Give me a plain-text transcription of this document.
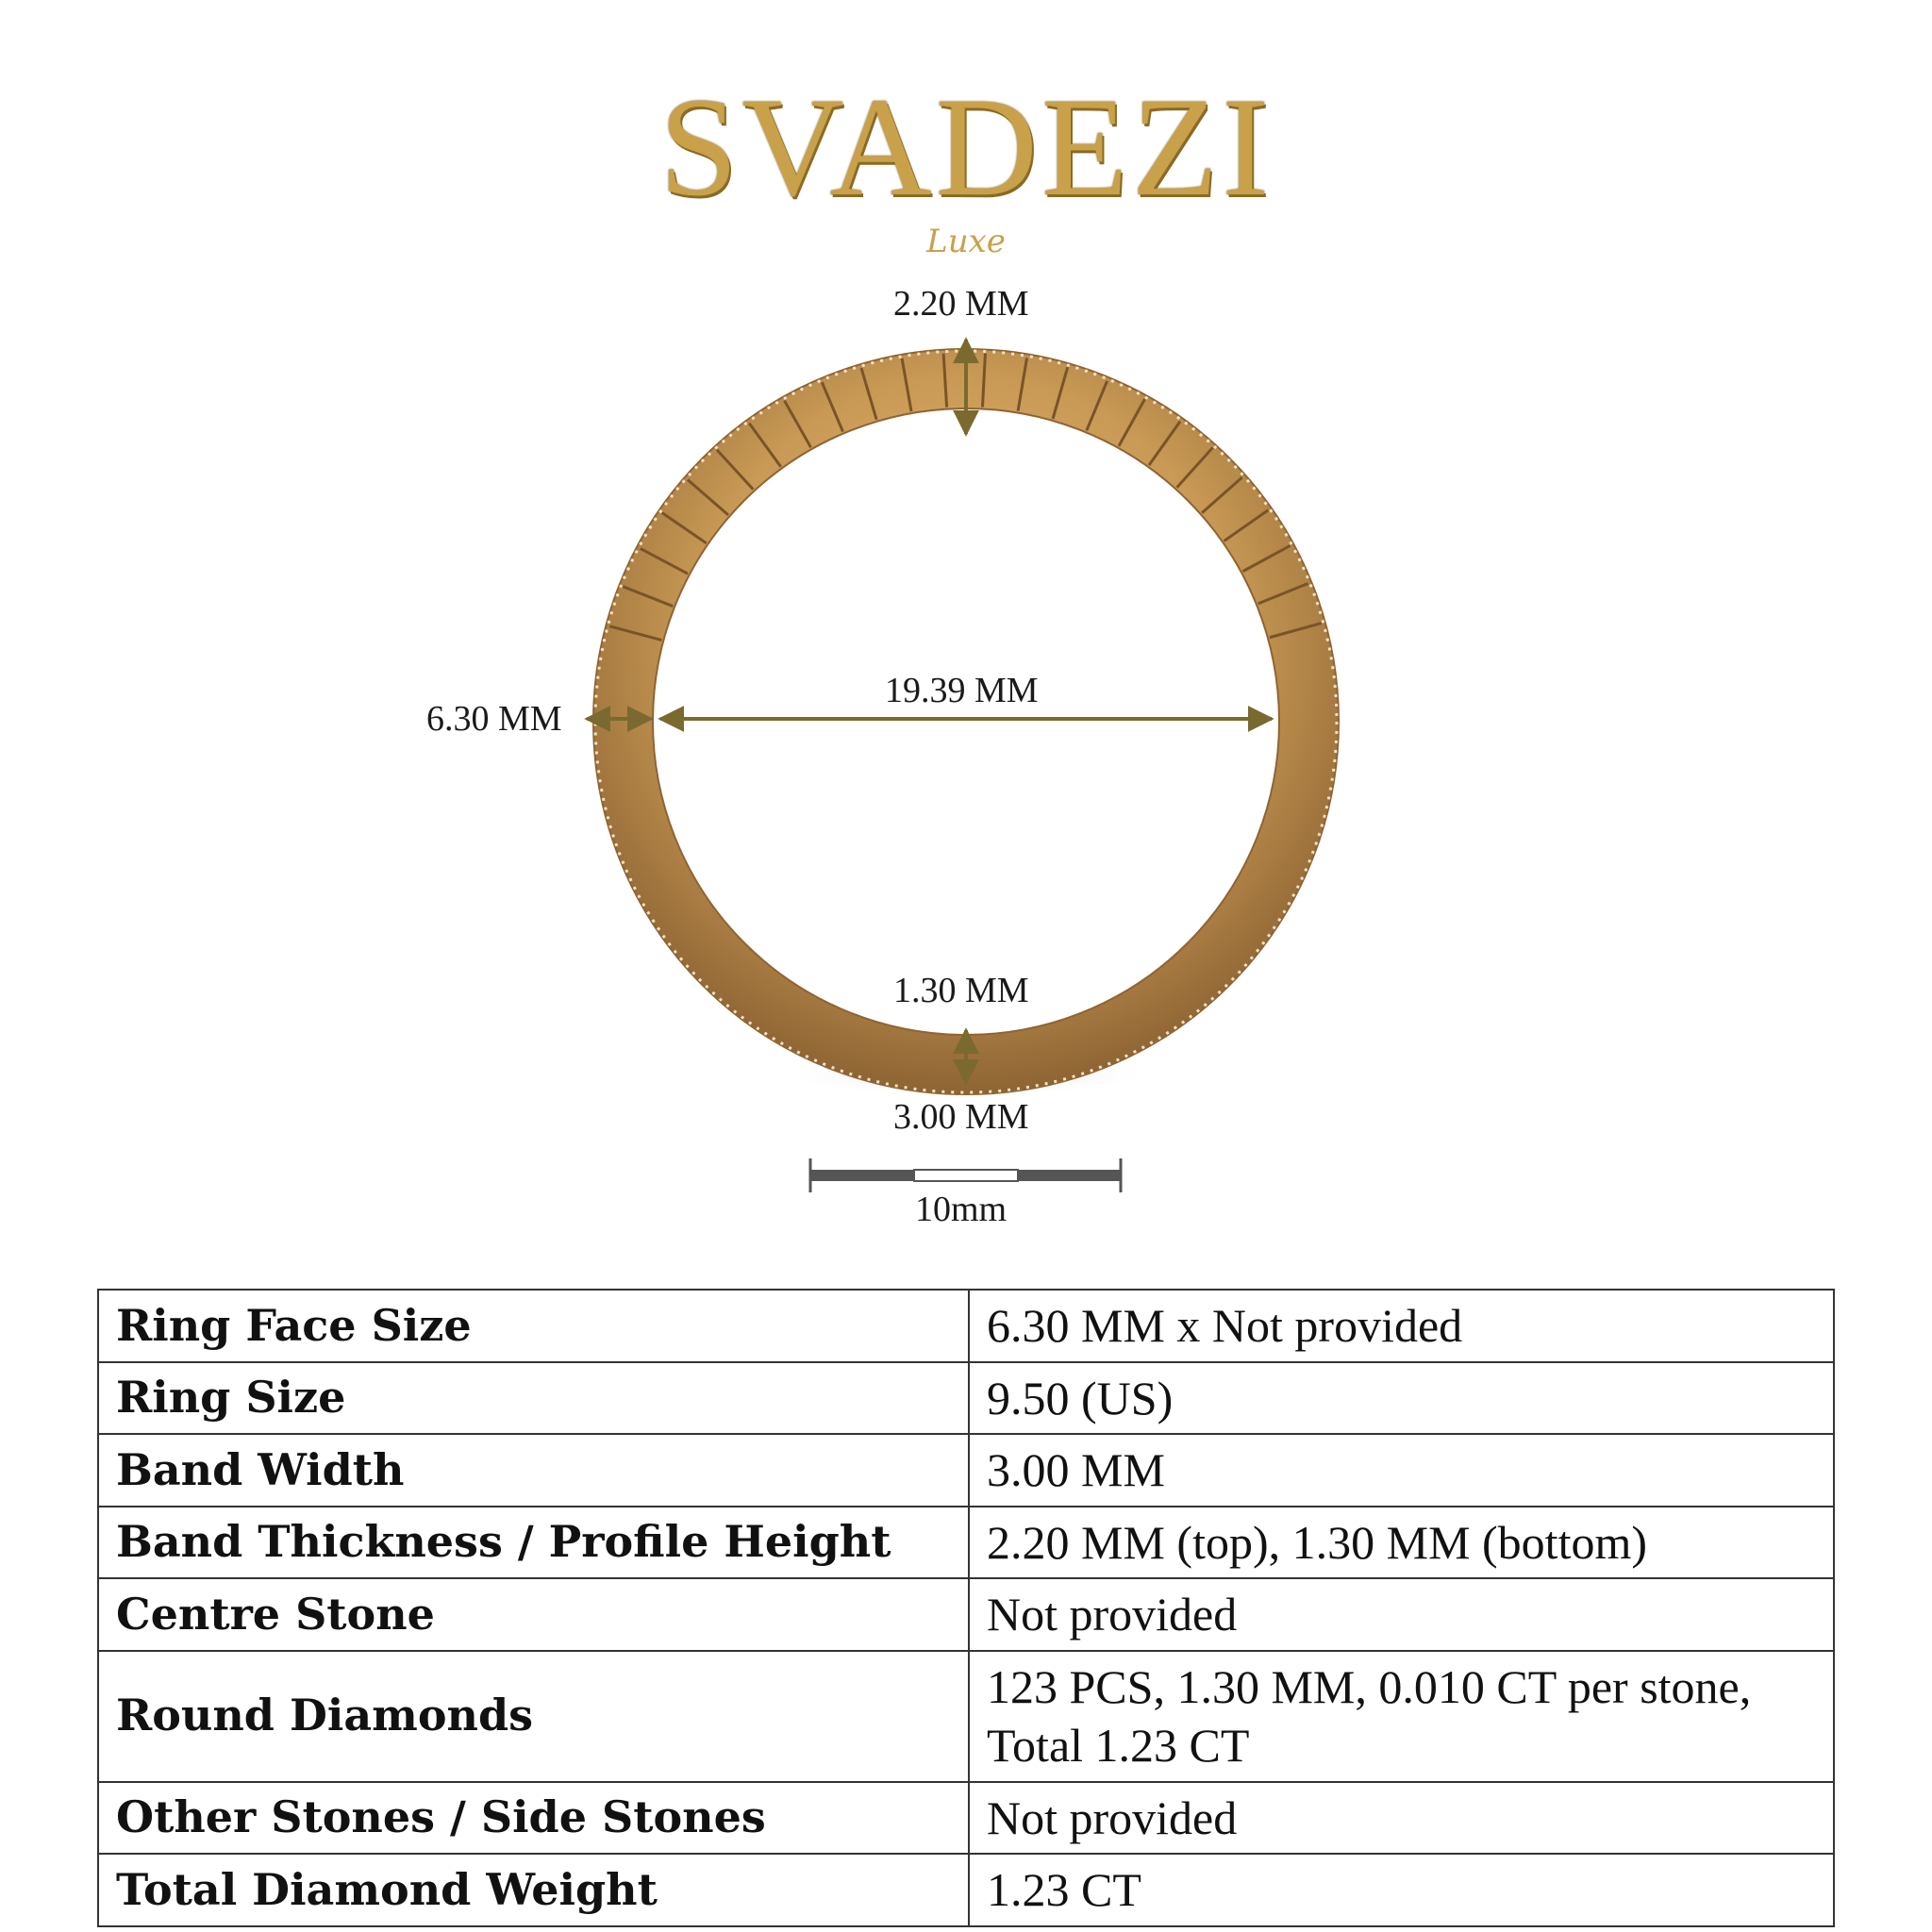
SVADEZI
Luxe
2.20 MM
19.39 MM
6.30 MM
1.30 MM
3.00 MM
10mm
Ring Face Size	6.30 MM x Not provided

Ring Size	9.50 (US)

Band Width	3.00 MM

Band Thickness / Profile Height	2.20 MM (top), 1.30 MM (bottom)

Centre Stone	Not provided

Round Diamonds	123 PCS, 1.30 MM, 0.010 CT per stone,
Total 1.23 CT

Other Stones / Side Stones	Not provided

Total Diamond Weight	1.23 CT
